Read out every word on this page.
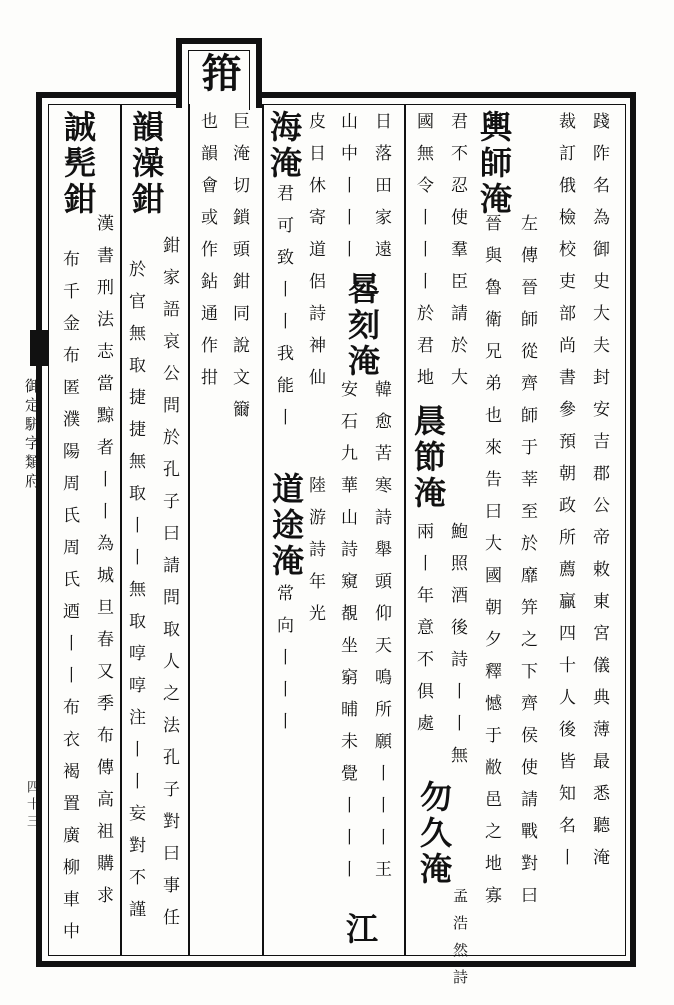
御定駢字類府
四十三
箝
踐阼名為御史大夫封安吉郡公帝敕東宮儀典薄最悉聽淹
裁訂俄檢校吏部尚書參預朝政所薦贏四十人後皆知名丨
輿師淹
左傳晉師從齊師于莘至於靡笄之下齊侯使請戰對曰
晉與魯衛兄弟也來告曰大國朝夕釋憾于敝邑之地寡
君不忍使羣臣請於大
國無令丨丨丨於君地
晨節淹
鮑照酒後詩丨丨無
兩丨年意不俱處
勿久淹
孟浩然詩
日落田家遠
晷刻淹
韓愈苦寒詩舉頭仰天鳴所願丨丨丨王
山中丨丨丨
安石九華山詩窺覩坐窮晡未覺丨丨丨
江
海淹 皮日休寄道侶詩神仙
君可致丨丨我能丨
道途淹 陸游詩年光
常向丨丨丨
巨淹切鎖頭鉗同說文籋
也韻會或作鉆通作拑
韻澡鉗
鉗家語哀公問於孔子曰請問取人之法孔子對曰事任
於官無取捷捷無取丨丨無取啍啍注丨丨妄對不謹
誠髡鉗
漢書刑法志當黥者丨丨為城旦春又季布傳高祖購求
布千金布匿濮陽周氏周氏迺丨丨布衣褐置廣柳車中
